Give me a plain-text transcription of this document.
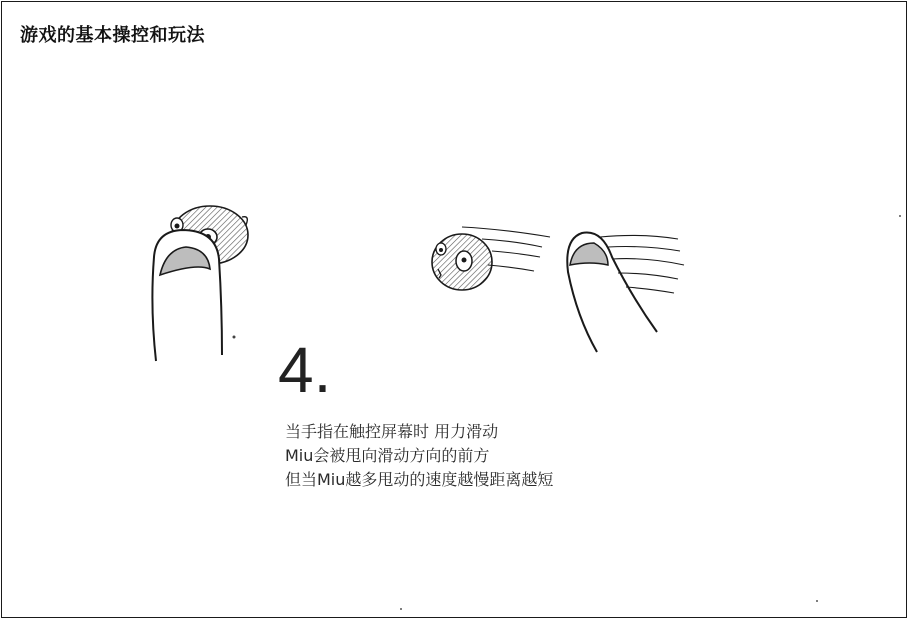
游戏的基本操控和玩法
4.
当手指在触控屏幕时 用力滑动
Miu会被甩向滑动方向的前方
但当Miu越多甩动的速度越慢距离越短
